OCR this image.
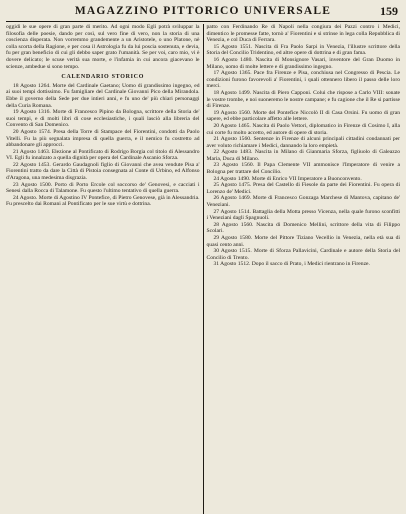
MAGAZZINO PITTORICO UNIVERSALE	159

oggidì le sue opere di gran parte di merito. Ad ogni modo Egli potrà sviluppar la filosofia delle poesie, dando per così, sul vero fine di vero, non la storia di una coscienza disperata. Non vorremmo grandemente a un Aristotele, o uno Platone, nè colla scorta della Ragione, e per cosa il Astrologia fu da lui poscia sostenuta, e devia, fu per gran beneficio di cui gli debbo saper grato l'umanità. Se per voi, caro mio, vi è dovere delicato; le scuse verità sua morte, e l'infamia in cui ancora giacevano le scienze, ambedue si sono tempo.

CALENDARIO STORICO

18 Agosto 1264. Morte del Cardinale Gaetano; Uomo di grandissimo ingegno, ed ai suoi tempi dottissimo. Fu famigliare del Cardinale Giovanni Pico della Mirandola. Ebbe il governo della Sede per due intieri anni, e fu uno de' più chiari personaggi della Curia Romana.

19 Agosto 1316. Morte di Francesco Pipino da Bologna, scrittore della Storia de' suoi tempi, e di molti libri di cose ecclesiastiche, i quali lasciò alla libreria del Convento di San Domenico.

20 Agosto 1574. Presa della Torre di Stampace del Fiorentini, condotti da Paolo Vitelli. Fu la più segnalata impresa di quella guerra, e il nemico fu costretto ad abbandonare gli approcci.

21 Agosto 1463. Elezione al Pontificato di Rodrigo Borgia col titolo di Alessandro VI. Egli fu innalzato a quella dignità per opera del Cardinale Ascanio Sforza.

22 Agosto 1453. Gerardo Gaudagnoli figlio di Giovanni che avea vendute Pisa a' Fiorentini tratto da dare la Città di Pistoia consegnata al Conte di Urbino, ed Alfonso d'Aragona, una medesima disgrazia.

23 Agosto 1500. Porto di Porto Ercole col soccorso de' Genovesi, e cacciati i Senesi dalla Rocca di Talamone. Fu questo l'ultimo tentativo di quella guerra.

24 Agosto. Morte di Agostino IV Pontefice, di Pietro Genovese, già in Alessandria. Fu prescelto dai Romani al Pontificato per le sue virtù e dottrina.

patto con Ferdinando Re di Napoli nella congiura dei Pazzi contro i Medici, dimentico le promesse fatte, tornò a' Fiorentini e si strinse in lega colla Repubblica di Venezia, e col Duca di Ferrara.

15 Agosto 1551. Nascita di Fra Paolo Sarpi in Venezia, l'illustre scrittore della Storia del Concilio Tridentino, ed altre opere di dottrina e di gran fama.

16 Agosto 1480. Nascita di Monsignore Vasari, inventore del Gran Duomo in Milano, uomo di molte lettere e di grandissimo ingegno.

17 Agosto 1365. Pace fra Firenze e Pisa, conchiusa nel Congresso di Pescia. Le condizioni furono favorevoli a' Fiorentini, i quali ottennero libero il passo delle loro merci.

18 Agosto 1499. Nascita di Piero Capponi. Colui che rispose a Carlo VIII: sonate le vostre trombe, e noi suoneremo le nostre campane; e fu cagione che il Re si partisse di Firenze.

19 Agosto 1560. Morte del Pontefice Niccolò II di Casa Orsini. Fu uomo di gran sapere, ed ebbe particolare affetto alle lettere.

20 Agosto 1465. Nascita di Paolo Vettori, diplomatico in Firenze di Cosimo I, alla cui corte fu molto accetto, ed autore di opere di storia.

21 Agosto 1560. Sentenze in Firenze di alcuni principali cittadini condannati per aver voluto richiamare i Medici, dannando la loro empietà.

22 Agosto 1483. Nascita in Milano di Gianmaria Sforza, figliuolo di Galeazzo Maria, Duca di Milano.

23 Agosto 1560. Il Papa Clemente VII ammonisce l'Imperatore di venire a Bologna per trattare del Concilio.

24 Agosto 1490. Morte di Enrico VII Imperatore a Buonconvento.

25 Agosto 1475. Presa del Castello di Fiesole da parte dei Fiorentini. Fu opera di Lorenzo de' Medici.

26 Agosto 1469. Morte di Francesco Gonzaga Marchese di Mantova, capitano de' Veneziani.

27 Agosto 1514. Battaglia della Motta presso Vicenza, nella quale furono sconfitti i Veneziani dagli Spagnuoli.

28 Agosto 1560. Nascita di Domenico Mellini, scrittore della vita di Filippo Scolari.

29 Agosto 1580. Morte del Pittore Tiziano Vecellio in Venezia, nella età sua di quasi cento anni.

30 Agosto 1515. Morte di Sforza Pallavicini, Cardinale e autore della Storia del Concilio di Trento.

31 Agosto 1512. Dopo il sacco di Prato, i Medici rientrano in Firenze.
